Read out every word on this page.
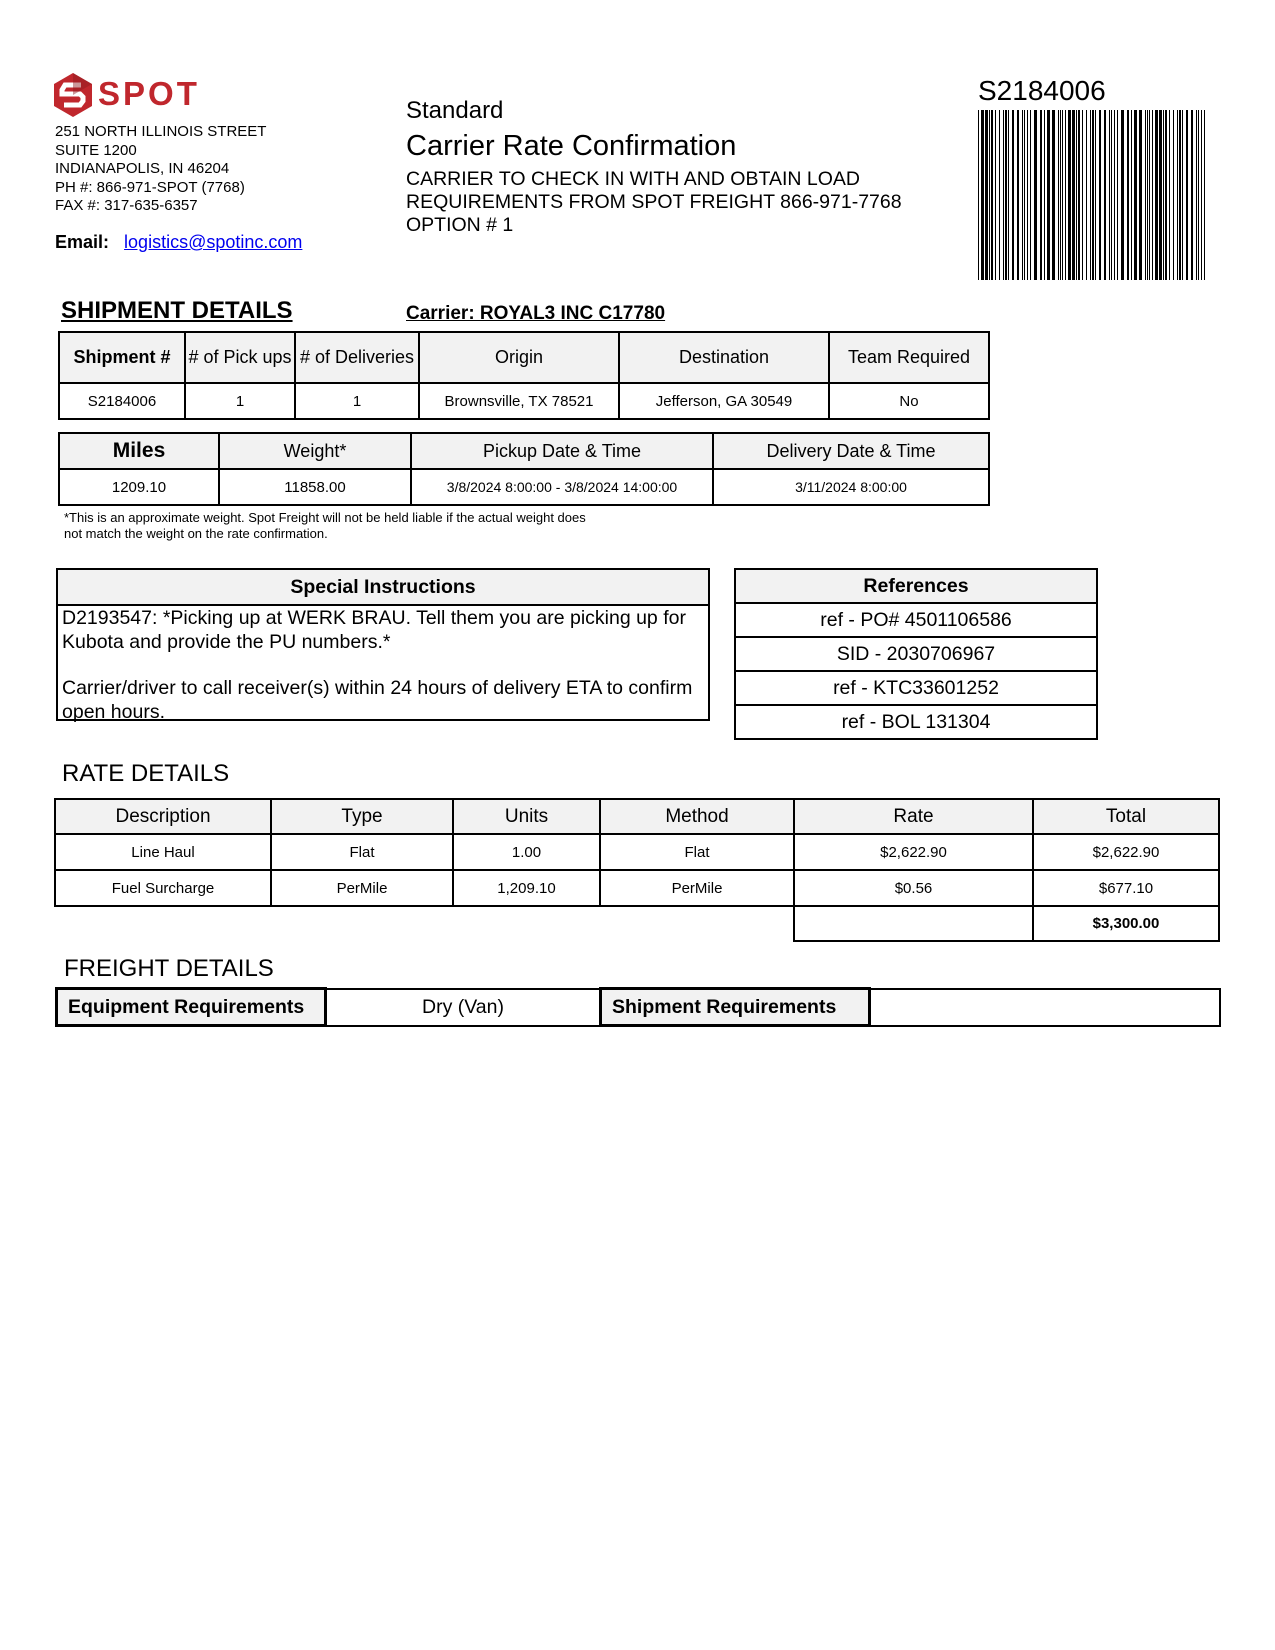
SPOT
251 NORTH ILLINOIS STREET
SUITE 1200
INDIANAPOLIS, IN 46204
PH #: 866-971-SPOT (7768)
FAX #: 317-635-6357
Email: logistics@spotinc.com
Standard
Carrier Rate Confirmation
CARRIER TO CHECK IN WITH AND OBTAIN LOAD
REQUIREMENTS FROM SPOT FREIGHT 866-971-7768
OPTION # 1
S2184006
SHIPMENT DETAILS	Carrier: ROYAL3 INC C17780
Shipment #	# of Pick ups	# of Deliveries	Origin	Destination	Team Required
S2184006	1	1	Brownsville, TX 78521	Jefferson, GA 30549	No
Miles	Weight*	Pickup Date & Time	Delivery Date & Time
1209.10	11858.00	3/8/2024 8:00:00 - 3/8/2024 14:00:00	3/11/2024 8:00:00
*This is an approximate weight. Spot Freight will not be held liable if the actual weight does
not match the weight on the rate confirmation.
Special Instructions

D2193547: *Picking up at WERK BRAU. Tell them you are picking up for Kubota and provide the PU numbers.*

Carrier/driver to call receiver(s) within 24 hours of delivery ETA to confirm open hours.

References
ref - PO# 4501106586
SID - 2030706967
ref - KTC33601252
ref - BOL 131304
RATE DETAILS
Description	Type	Units	Method	Rate	Total
Line Haul	Flat	1.00	Flat	$2,622.90	$2,622.90
Fuel Surcharge	PerMile	1,209.10	PerMile	$0.56	$677.10
					$3,300.00
FREIGHT DETAILS
Equipment Requirements	Dry (Van)	Shipment Requirements	
